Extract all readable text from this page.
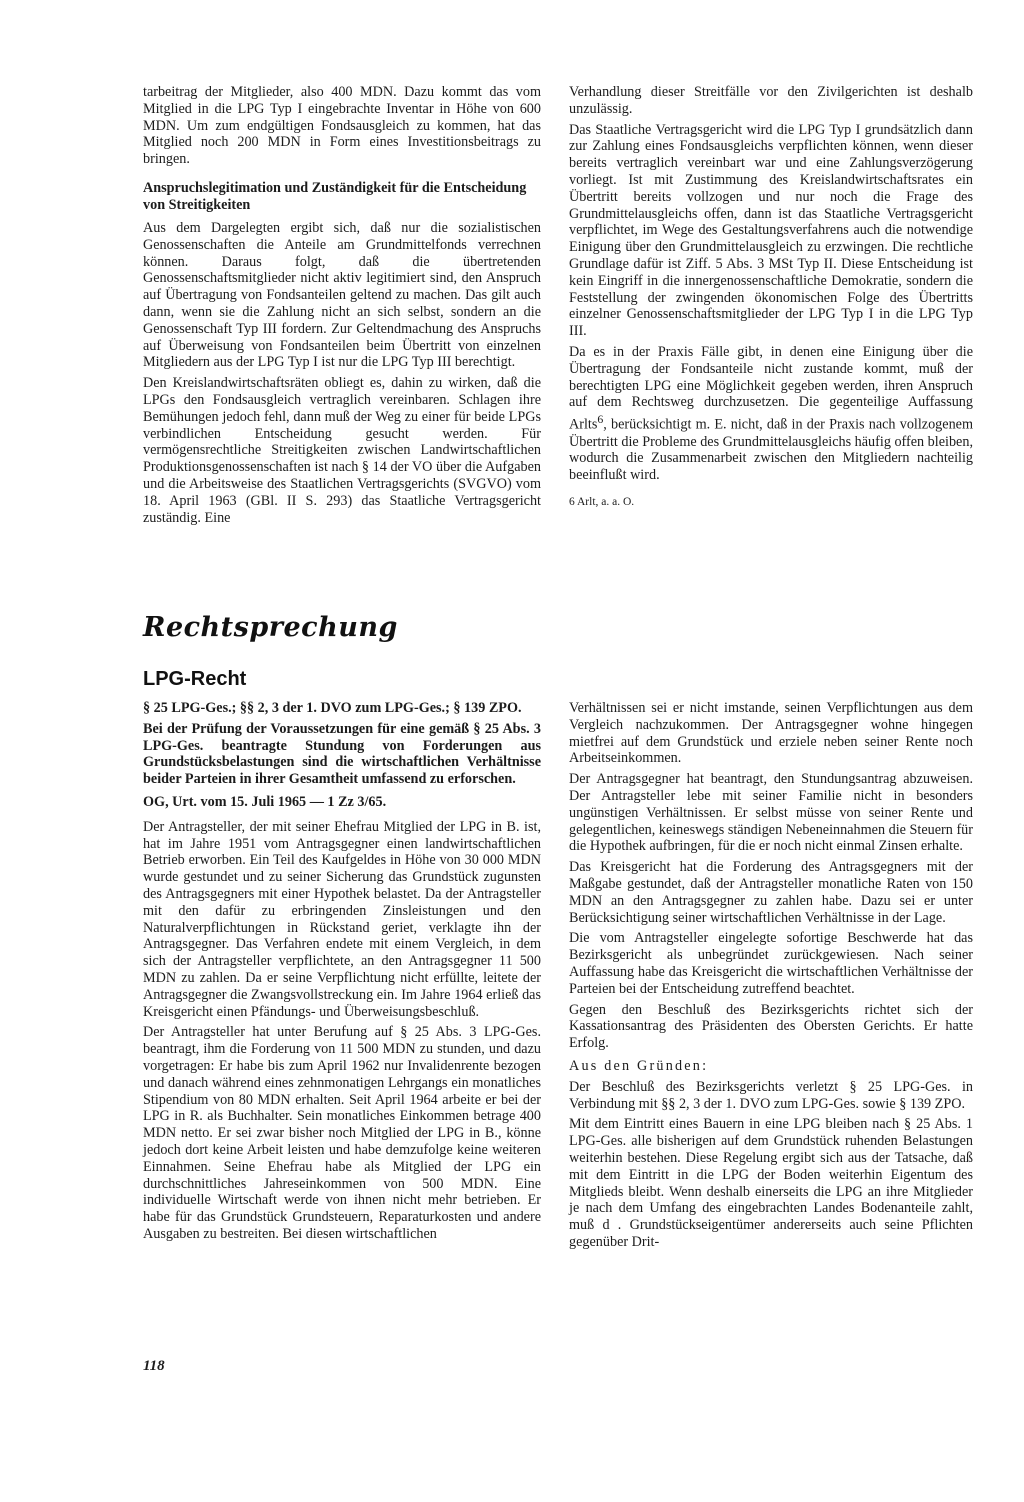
tarbeitrag der Mitglieder, also 400 MDN. Dazu kommt das vom Mitglied in die LPG Typ I eingebrachte Inventar in Höhe von 600 MDN. Um zum endgültigen Fondsausgleich zu kommen, hat das Mitglied noch 200 MDN in Form eines Investitionsbeitrags zu bringen.

Anspruchslegitimation und Zuständigkeit für die Entscheidung von Streitigkeiten

Aus dem Dargelegten ergibt sich, daß nur die sozialistischen Genossenschaften die Anteile am Grundmittelfonds verrechnen können. Daraus folgt, daß die übertretenden Genossenschaftsmitglieder nicht aktiv legitimiert sind, den Anspruch auf Übertragung von Fondsanteilen geltend zu machen. Das gilt auch dann, wenn sie die Zahlung nicht an sich selbst, sondern an die Genossenschaft Typ III fordern. Zur Geltendmachung des Anspruchs auf Überweisung von Fondsanteilen beim Übertritt von einzelnen Mitgliedern aus der LPG Typ I ist nur die LPG Typ III berechtigt.

Den Kreislandwirtschaftsräten obliegt es, dahin zu wirken, daß die LPGs den Fondsausgleich vertraglich vereinbaren. Schlagen ihre Bemühungen jedoch fehl, dann muß der Weg zu einer für beide LPGs verbindlichen Entscheidung gesucht werden. Für vermögensrechtliche Streitigkeiten zwischen Landwirtschaftlichen Produktionsgenossenschaften ist nach § 14 der VO über die Aufgaben und die Arbeitsweise des Staatlichen Vertragsgerichts (SVGVO) vom 18. April 1963 (GBl. II S. 293) das Staatliche Vertragsgericht zuständig. Eine

Verhandlung dieser Streitfälle vor den Zivilgerichten ist deshalb unzulässig.

Das Staatliche Vertragsgericht wird die LPG Typ I grundsätzlich dann zur Zahlung eines Fondsausgleichs verpflichten können, wenn dieser bereits vertraglich vereinbart war und eine Zahlungsverzögerung vorliegt. Ist mit Zustimmung des Kreislandwirtschaftsrates ein Übertritt bereits vollzogen und nur noch die Frage des Grundmittelausgleichs offen, dann ist das Staatliche Vertragsgericht verpflichtet, im Wege des Gestaltungsverfahrens auch die notwendige Einigung über den Grundmittelausgleich zu erzwingen. Die rechtliche Grundlage dafür ist Ziff. 5 Abs. 3 MSt Typ II. Diese Entscheidung ist kein Eingriff in die innergenossenschaftliche Demokratie, sondern die Feststellung der zwingenden ökonomischen Folge des Übertritts einzelner Genossenschaftsmitglieder der LPG Typ I in die LPG Typ III.

Da es in der Praxis Fälle gibt, in denen eine Einigung über die Übertragung der Fondsanteile nicht zustande kommt, muß der berechtigten LPG eine Möglichkeit gegeben werden, ihren Anspruch auf dem Rechtsweg durchzusetzen. Die gegenteilige Auffassung Arlts$^6$, berücksichtigt m. E. nicht, daß in der Praxis nach vollzogenem Übertritt die Probleme des Grundmittelausgleichs häufig offen bleiben, wodurch die Zusammenarbeit zwischen den Mitgliedern nachteilig beeinflußt wird.

6 Arlt, a. a. O.

Rechtsprechung
LPG-Recht

§ 25 LPG-Ges.; §§ 2, 3 der 1. DVO zum LPG-Ges.; § 139 ZPO.

Bei der Prüfung der Voraussetzungen für eine gemäß § 25 Abs. 3 LPG-Ges. beantragte Stundung von Forderungen aus Grundstücksbelastungen sind die wirtschaftlichen Verhältnisse beider Parteien in ihrer Gesamtheit umfassend zu erforschen.

OG, Urt. vom 15. Juli 1965 — 1 Zz 3/65.

Der Antragsteller, der mit seiner Ehefrau Mitglied der LPG in B. ist, hat im Jahre 1951 vom Antragsgegner einen landwirtschaftlichen Betrieb erworben. Ein Teil des Kaufgeldes in Höhe von 30 000 MDN wurde gestundet und zu seiner Sicherung das Grundstück zugunsten des Antragsgegners mit einer Hypothek belastet. Da der Antragsteller mit den dafür zu erbringenden Zinsleistungen und den Naturalverpflichtungen in Rückstand geriet, verklagte ihn der Antragsgegner. Das Verfahren endete mit einem Vergleich, in dem sich der Antragsteller verpflichtete, an den Antragsgegner 11 500 MDN zu zahlen. Da er seine Verpflichtung nicht erfüllte, leitete der Antragsgegner die Zwangsvollstreckung ein. Im Jahre 1964 erließ das Kreisgericht einen Pfändungs- und Überweisungsbeschluß.

Der Antragsteller hat unter Berufung auf § 25 Abs. 3 LPG-Ges. beantragt, ihm die Forderung von 11 500 MDN zu stunden, und dazu vorgetragen: Er habe bis zum April 1962 nur Invalidenrente bezogen und danach während eines zehnmonatigen Lehrgangs ein monatliches Stipendium von 80 MDN erhalten. Seit April 1964 arbeite er bei der LPG in R. als Buchhalter. Sein monatliches Einkommen betrage 400 MDN netto. Er sei zwar bisher noch Mitglied der LPG in B., könne jedoch dort keine Arbeit leisten und habe demzufolge keine weiteren Einnahmen. Seine Ehefrau habe als Mitglied der LPG ein durchschnittliches Jahreseinkommen von 500 MDN. Eine individuelle Wirtschaft werde von ihnen nicht mehr betrieben. Er habe für das Grundstück Grundsteuern, Reparaturkosten und andere Ausgaben zu bestreiten. Bei diesen wirtschaftlichen

Verhältnissen sei er nicht imstande, seinen Verpflichtungen aus dem Vergleich nachzukommen. Der Antragsgegner wohne hingegen mietfrei auf dem Grundstück und erziele neben seiner Rente noch Arbeitseinkommen.

Der Antragsgegner hat beantragt, den Stundungsantrag abzuweisen. Der Antragsteller lebe mit seiner Familie nicht in besonders ungünstigen Verhältnissen. Er selbst müsse von seiner Rente und gelegentlichen, keineswegs ständigen Nebeneinnahmen die Steuern für die Hypothek aufbringen, für die er noch nicht einmal Zinsen erhalte.

Das Kreisgericht hat die Forderung des Antragsgegners mit der Maßgabe gestundet, daß der Antragsteller monatliche Raten von 150 MDN an den Antragsgegner zu zahlen habe. Dazu sei er unter Berücksichtigung seiner wirtschaftlichen Verhältnisse in der Lage.

Die vom Antragsteller eingelegte sofortige Beschwerde hat das Bezirksgericht als unbegründet zurückgewiesen. Nach seiner Auffassung habe das Kreisgericht die wirtschaftlichen Verhältnisse der Parteien bei der Entscheidung zutreffend beachtet.

Gegen den Beschluß des Bezirksgerichts richtet sich der Kassationsantrag des Präsidenten des Obersten Gerichts. Er hatte Erfolg.

Aus den Gründen:

Der Beschluß des Bezirksgerichts verletzt § 25 LPG-Ges. in Verbindung mit §§ 2, 3 der 1. DVO zum LPG-Ges. sowie § 139 ZPO.

Mit dem Eintritt eines Bauern in eine LPG bleiben nach § 25 Abs. 1 LPG-Ges. alle bisherigen auf dem Grundstück ruhenden Belastungen weiterhin bestehen. Diese Regelung ergibt sich aus der Tatsache, daß mit dem Eintritt in die LPG der Boden weiterhin Eigentum des Mitglieds bleibt. Wenn deshalb einerseits die LPG an ihre Mitglieder je nach dem Umfang des eingebrachten Landes Bodenanteile zahlt, muß d . Grundstückseigentümer andererseits auch seine Pflichten gegenüber Drit-

118
